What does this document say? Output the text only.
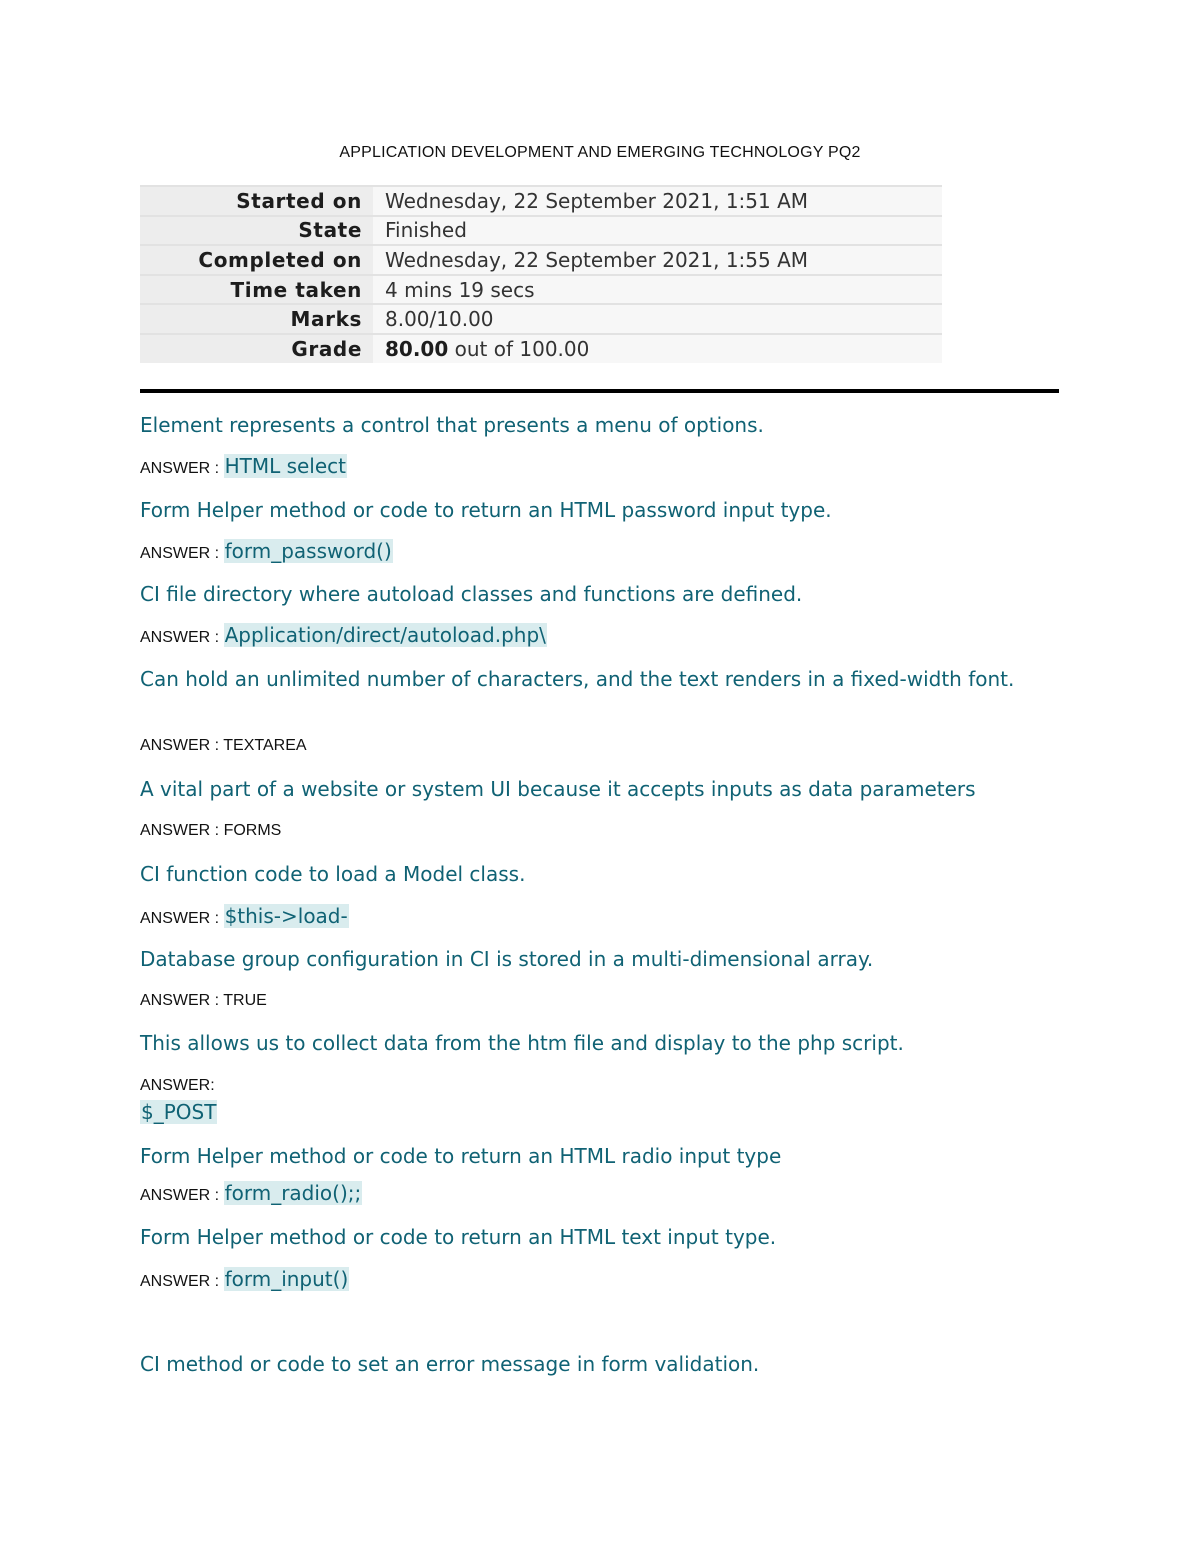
APPLICATION DEVELOPMENT AND EMERGING TECHNOLOGY PQ2
Started on	Wednesday, 22 September 2021, 1:51 AM
State	Finished
Completed on	Wednesday, 22 September 2021, 1:55 AM
Time taken	4 mins 19 secs
Marks	8.00/10.00
Grade	80.00 out of 100.00

Element represents a control that presents a menu of options.

ANSWER : HTML select

Form Helper method or code to return an HTML password input type.

ANSWER : form_password()

CI file directory where autoload classes and functions are defined.

ANSWER : Application/direct/autoload.php\

Can hold an unlimited number of characters, and the text renders in a fixed-width font.

ANSWER : TEXTAREA

A vital part of a website or system UI because it accepts inputs as data parameters

ANSWER : FORMS

CI function code to load a Model class.

ANSWER : $this->load-

Database group configuration in CI is stored in a multi-dimensional array.

ANSWER : TRUE

This allows us to collect data from the htm file and display to the php script.

ANSWER:

$_POST

Form Helper method or code to return an HTML radio input type

ANSWER : form_radio();;

Form Helper method or code to return an HTML text input type.

ANSWER : form_input()

CI method or code to set an error message in form validation.
